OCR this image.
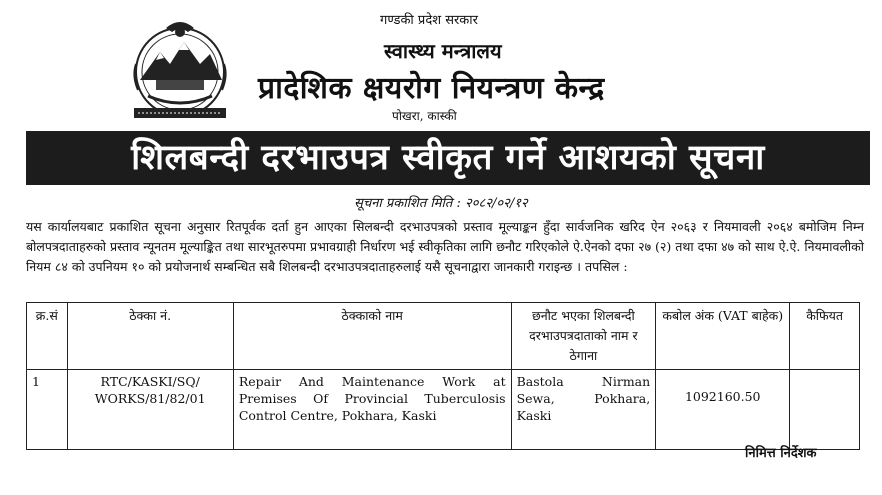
गण्डकी प्रदेश सरकार
स्वास्थ्य मन्त्रालय
प्रादेशिक क्षयरोग नियन्त्रण केन्द्र
पोखरा, कास्की
शिलबन्दी दरभाउपत्र स्वीकृत गर्ने आशयको सूचना
सूचना प्रकाशित मिति : २०८२/०२/१२
यस कार्यालयबाट प्रकाशित सूचना अनुसार रितपूर्वक दर्ता हुन आएका सिलबन्दी दरभाउपत्रको प्रस्ताव मूल्याङ्कन हुँदा सार्वजनिक खरिद ऐन २०६३ र नियमावली २०६४ बमोजिम निम्न बोलपत्रदाताहरुको प्रस्ताव न्यूनतम मूल्याङ्कित तथा सारभूतरुपमा प्रभावग्राही निर्धारण भई स्वीकृतिका लागि छनौट गरिएकोले ऐ.ऐनको दफा २७ (२) तथा दफा ४७ को साथ ऐ.ऐ. नियमावलीको नियम ८४ को उपनियम १० को प्रयोजनार्थ सम्बन्धित सबै शिलबन्दी दरभाउपत्रदाताहरुलाई यसै सूचनाद्वारा जानकारी गराइन्छ । तपसिल :
क्र.सं	ठेक्का नं.	ठेक्काको नाम	छनौट भएका शिलबन्दी दरभाउपत्रदाताको नाम र ठेगाना	कबोल अंक (VAT बाहेक)	कैफियत
1	RTC/KASKI/SQ/ WORKS/81/82/01	Repair And Maintenance Work at Premises Of Provincial Tuberculosis Control Centre, Pokhara, Kaski	Bastola Nirman Sewa, Pokhara, Kaski	1092160.50	
निमित्त निर्देशक
